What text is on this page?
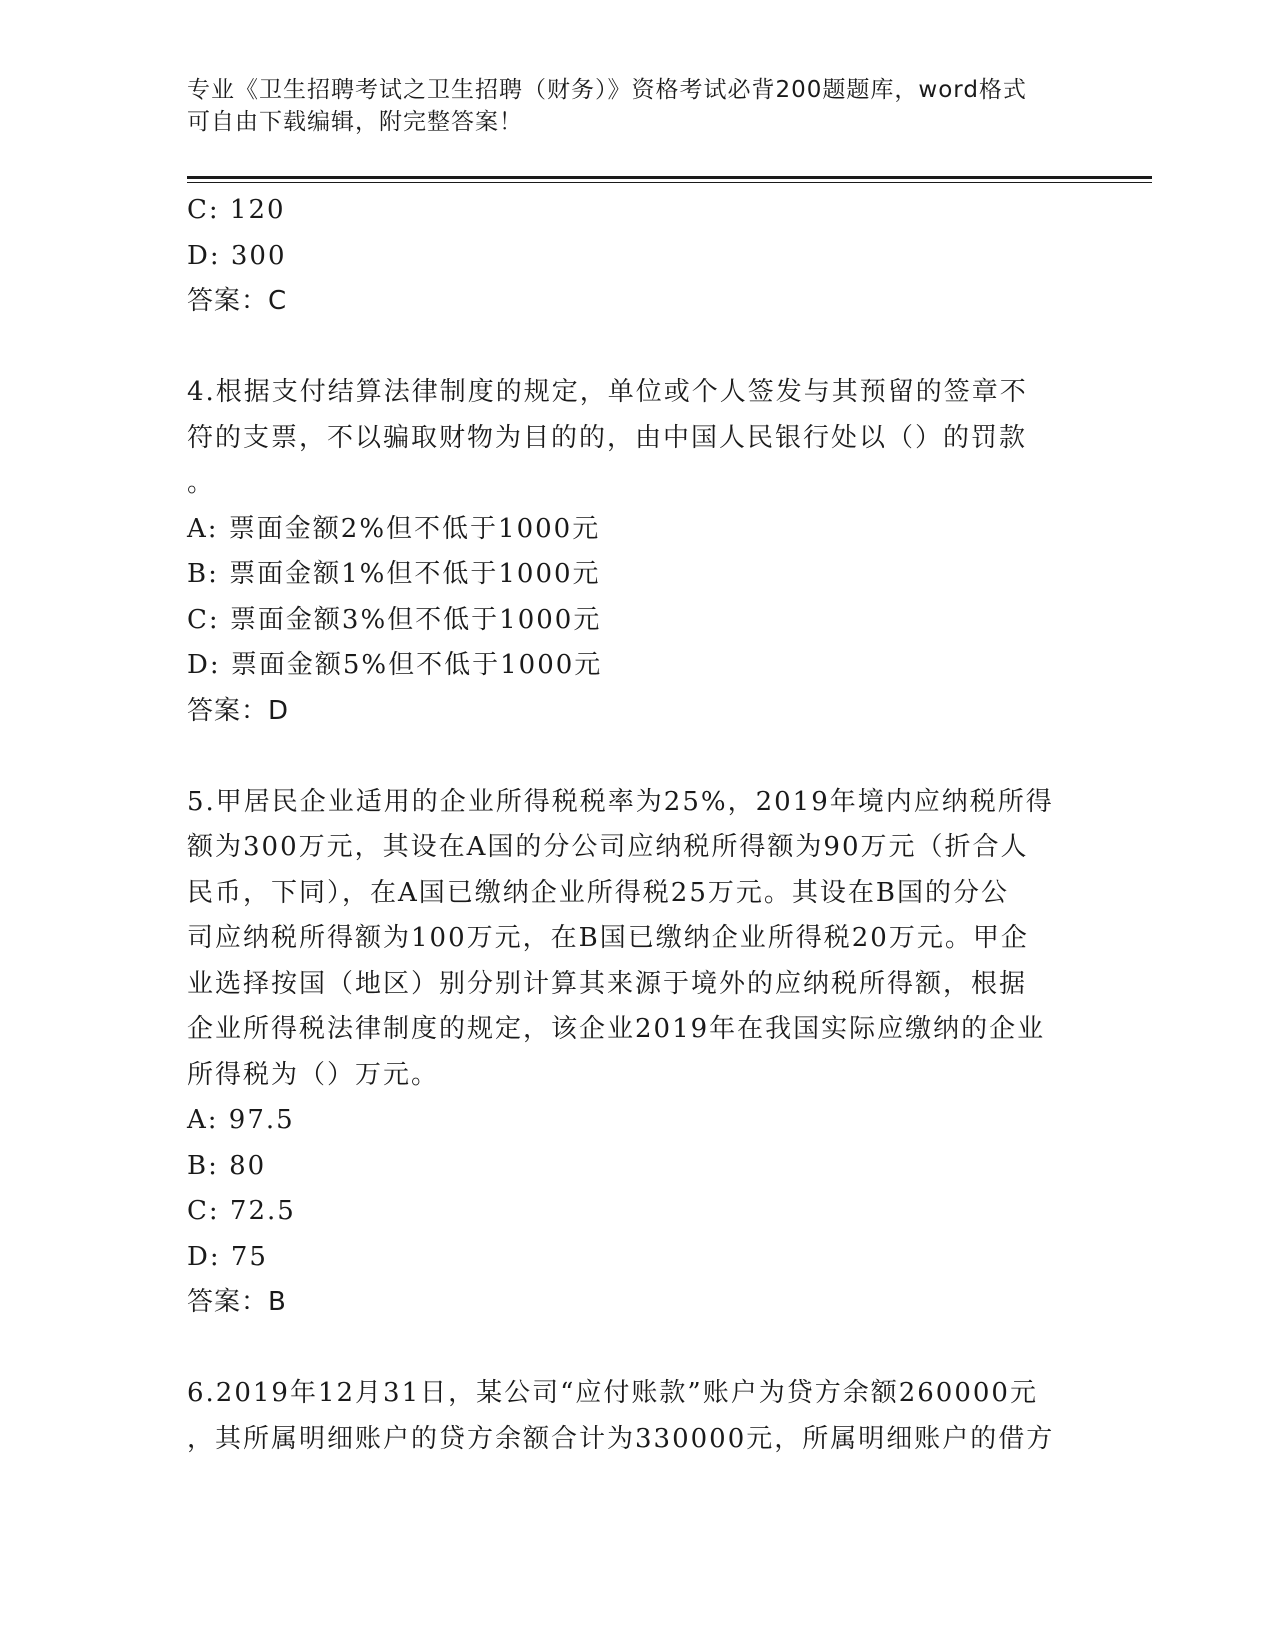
专业《卫生招聘考试之卫生招聘（财务）》资格考试必背200题题库，word格式
可自由下载编辑，附完整答案！
C: 120
D: 300
答案：C
4.根据支付结算法律制度的规定，单位或个人签发与其预留的签章不
符的支票，不以骗取财物为目的的，由中国人民银行处以（）的罚款
。
A: 票面金额2%但不低于1000元
B: 票面金额1%但不低于1000元
C: 票面金额3%但不低于1000元
D: 票面金额5%但不低于1000元
答案：D
5.甲居民企业适用的企业所得税税率为25%，2019年境内应纳税所得
额为300万元，其设在A国的分公司应纳税所得额为90万元（折合人
民币，下同），在A国已缴纳企业所得税25万元。其设在B国的分公
司应纳税所得额为100万元，在B国已缴纳企业所得税20万元。甲企
业选择按国（地区）别分别计算其来源于境外的应纳税所得额，根据
企业所得税法律制度的规定，该企业2019年在我国实际应缴纳的企业
所得税为（）万元。
A: 97.5
B: 80
C: 72.5
D: 75
答案：B
6.2019年12月31日，某公司“应付账款”账户为贷方余额260000元
，其所属明细账户的贷方余额合计为330000元，所属明细账户的借方
